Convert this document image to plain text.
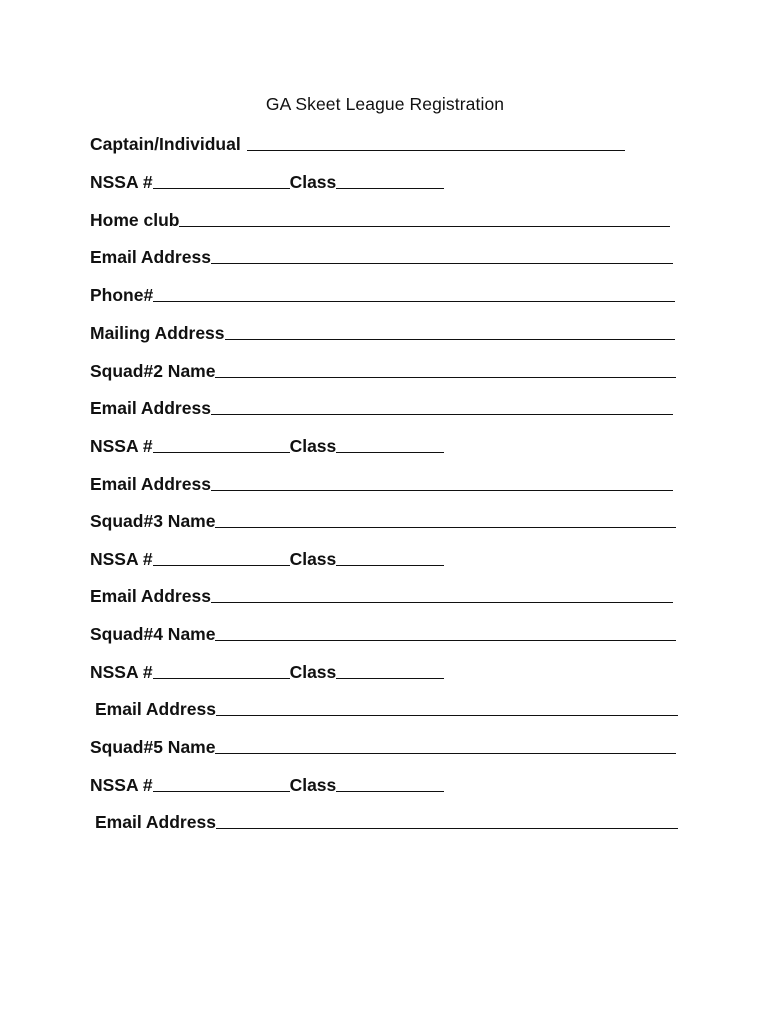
GA Skeet League Registration
Captain/Individual
NSSA #	Class
Home club
Email Address
Phone#
Mailing Address
Squad#2 Name
Email Address
NSSA #	Class
Email Address
Squad#3 Name
NSSA #	Class
Email Address
Squad#4 Name
NSSA #	Class
Email Address
Squad#5 Name
NSSA #	Class
Email Address
